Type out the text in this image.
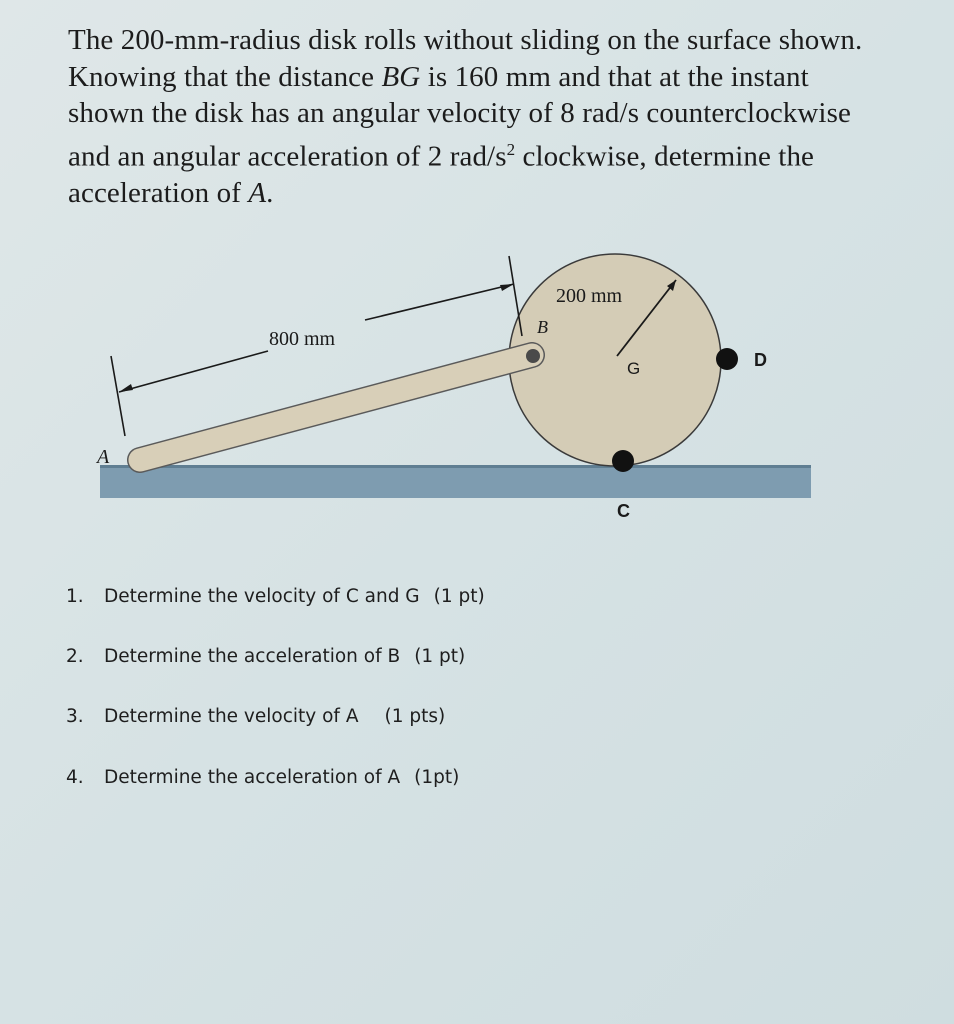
The 200-mm-radius disk rolls without sliding on the surface shown.

Knowing that the distance BG is 160 mm and that at the instant

shown the disk has an angular velocity of 8 rad/s counterclockwise

and an angular acceleration of 2 rad/$s^2$ clockwise, determine the

acceleration of A.

800 mm
200 mm
A
B
G
C
D
1. Determine the velocity of C and G (1 pt)
2. Determine the acceleration of B (1 pt)
3. Determine the velocity of A (1 pts)
4. Determine the acceleration of A (1pt)
